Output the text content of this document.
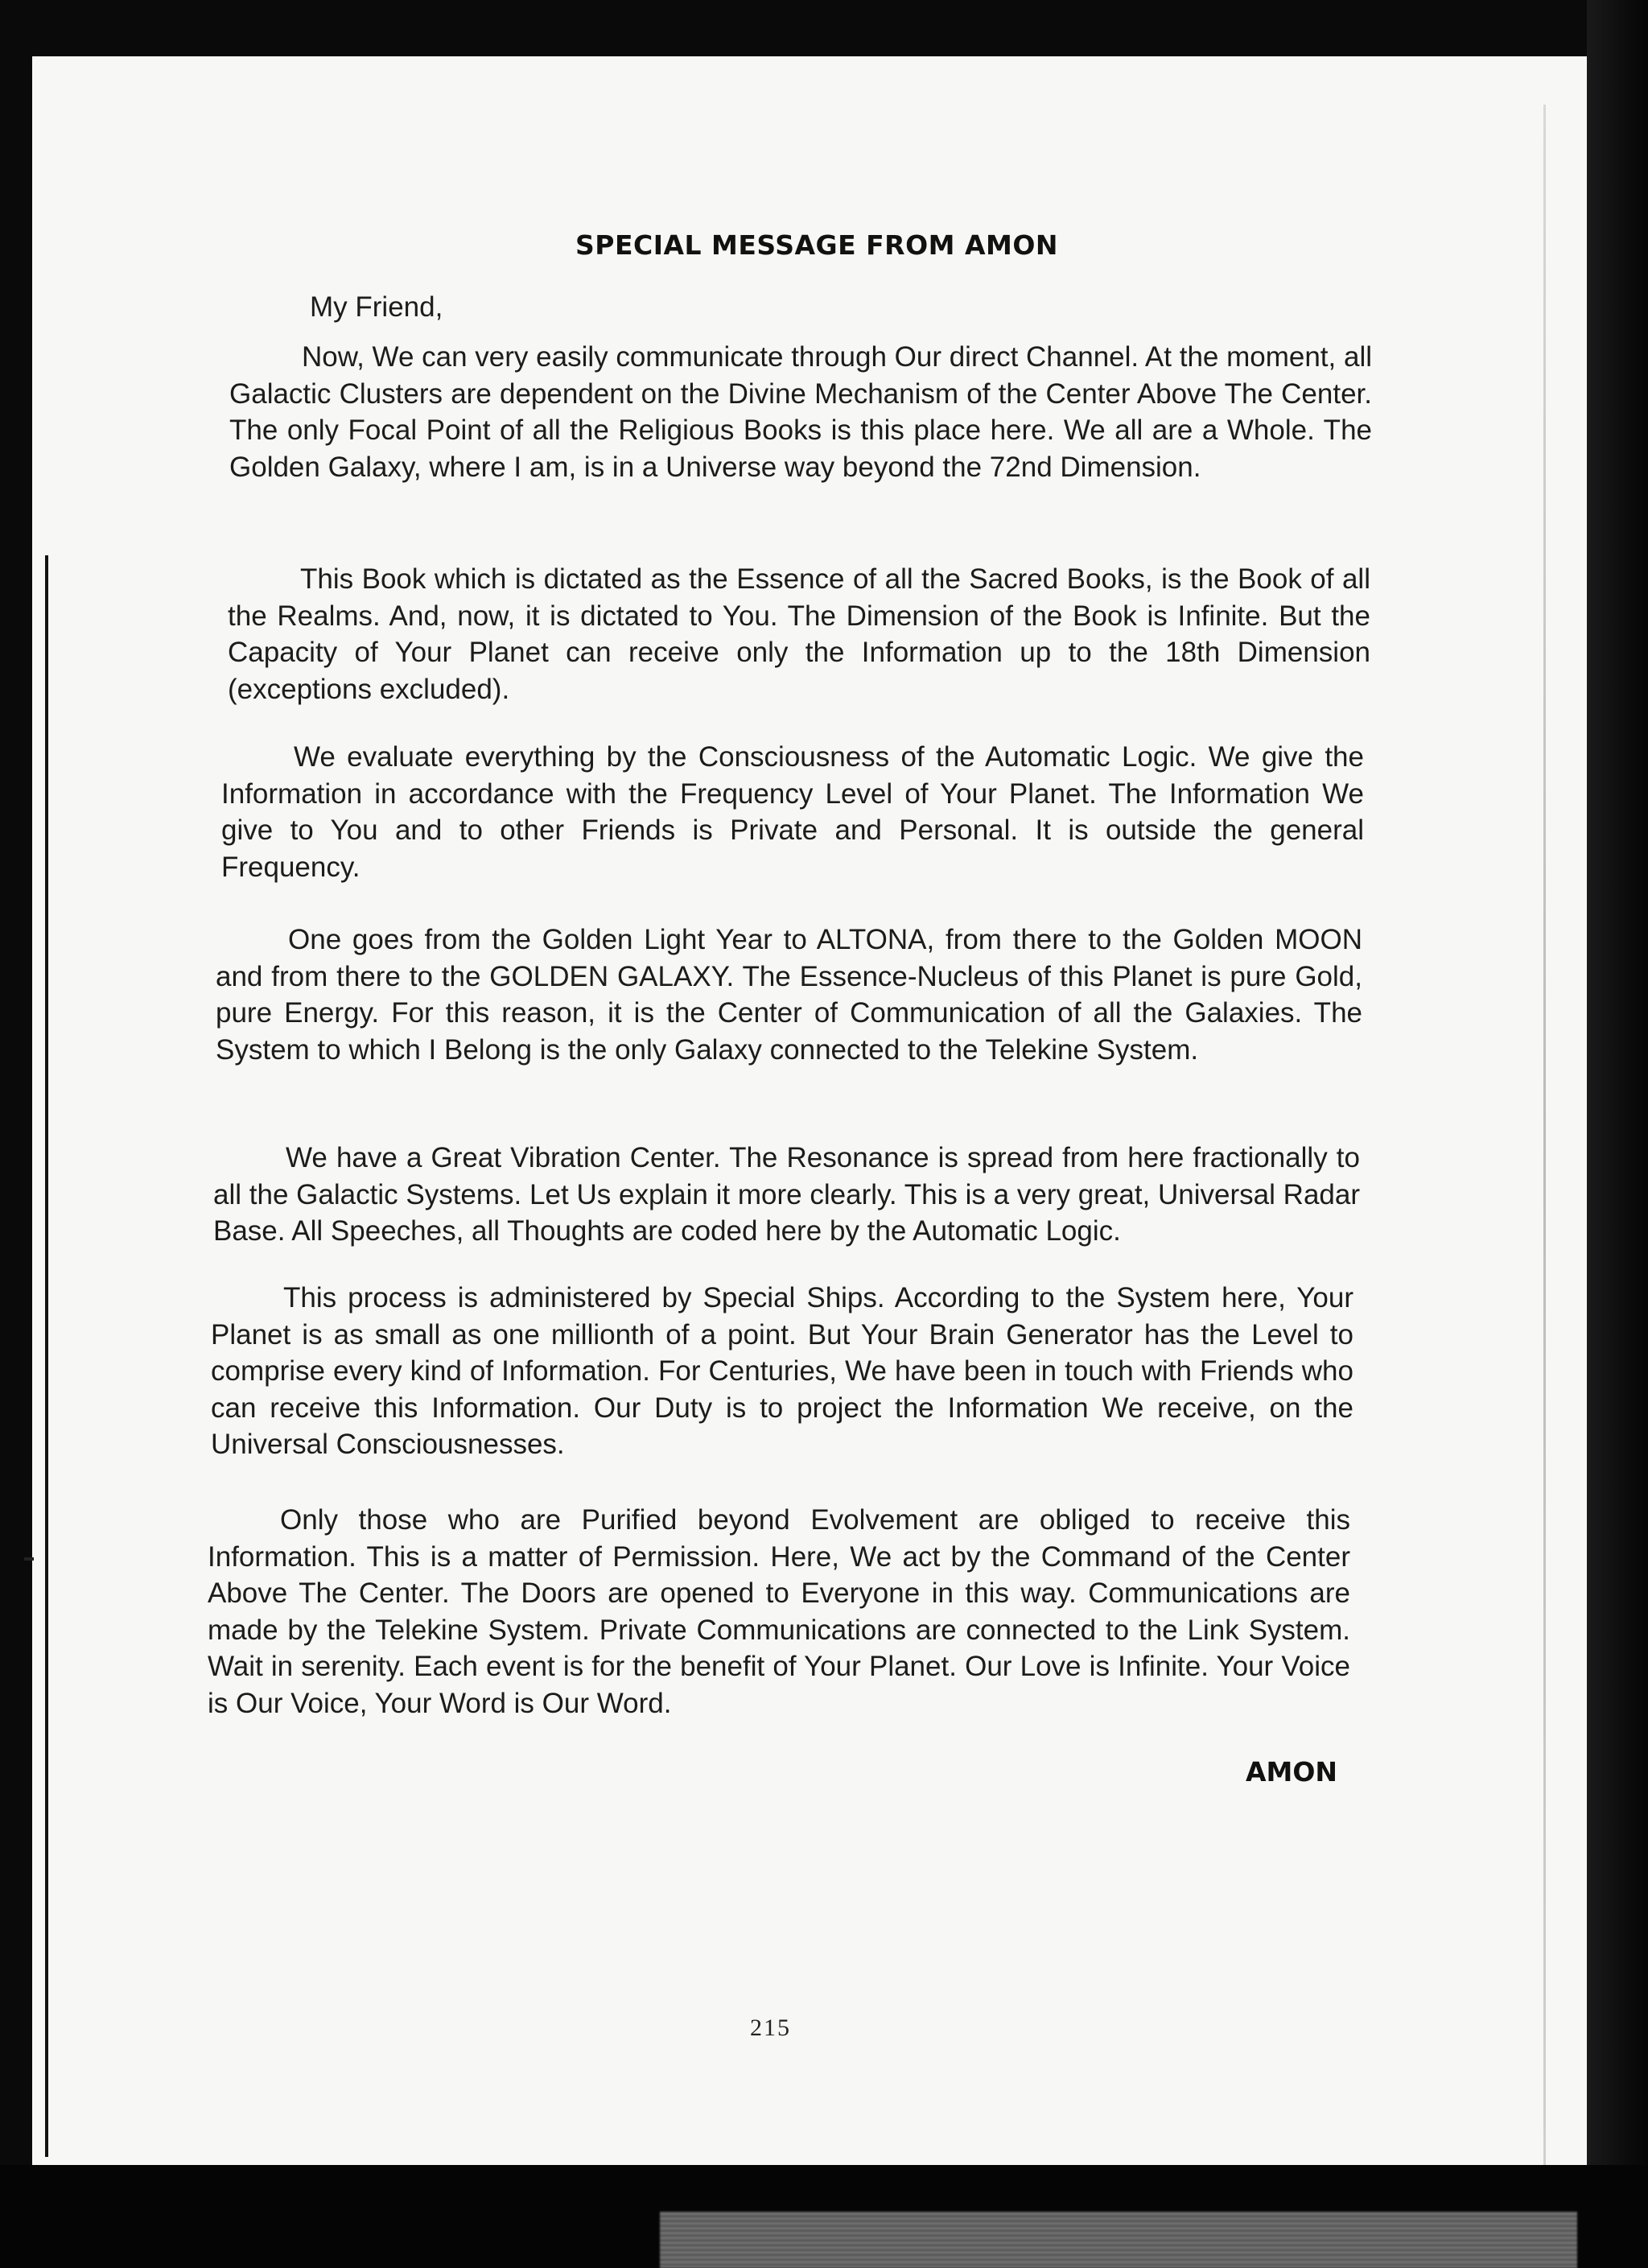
SPECIAL MESSAGE FROM AMON
My Friend,

Now, We can very easily communicate through Our direct Channel. At the moment, all Galactic Clusters are dependent on the Divine Mechanism of the Center Above The Center. The only Focal Point of all the Religious Books is this place here. We all are a Whole. The Golden Galaxy, where I am, is in a Universe way beyond the 72nd Dimension.

This Book which is dictated as the Essence of all the Sacred Books, is the Book of all the Realms. And, now, it is dictated to You. The Dimension of the Book is Infinite. But the Capacity of Your Planet can receive only the Information up to the 18th Dimension (exceptions excluded).

We evaluate everything by the Consciousness of the Automatic Logic. We give the Information in accordance with the Frequency Level of Your Planet. The Information We give to You and to other Friends is Private and Personal. It is outside the general Frequency.

One goes from the Golden Light Year to ALTONA, from there to the Golden MOON and from there to the GOLDEN GALAXY. The Essence-Nucleus of this Planet is pure Gold, pure Energy. For this reason, it is the Center of Communication of all the Galaxies. The System to which I Belong is the only Galaxy connected to the Telekine System.

We have a Great Vibration Center. The Resonance is spread from here fractionally to all the Galactic Systems. Let Us explain it more clearly. This is a very great, Universal Radar Base. All Speeches, all Thoughts are coded here by the Automatic Logic.

This process is administered by Special Ships. According to the System here, Your Planet is as small as one millionth of a point. But Your Brain Generator has the Level to comprise every kind of Information. For Centuries, We have been in touch with Friends who can receive this Information. Our Duty is to project the Information We receive, on the Universal Consciousnesses.

Only those who are Purified beyond Evolvement are obliged to receive this Information. This is a matter of Permission. Here, We act by the Command of the Center Above The Center. The Doors are opened to Everyone in this way. Communications are made by the Telekine System. Private Communications are connected to the Link System. Wait in serenity. Each event is for the benefit of Your Planet. Our Love is Infinite. Your Voice is Our Voice, Your Word is Our Word.

AMON
215
